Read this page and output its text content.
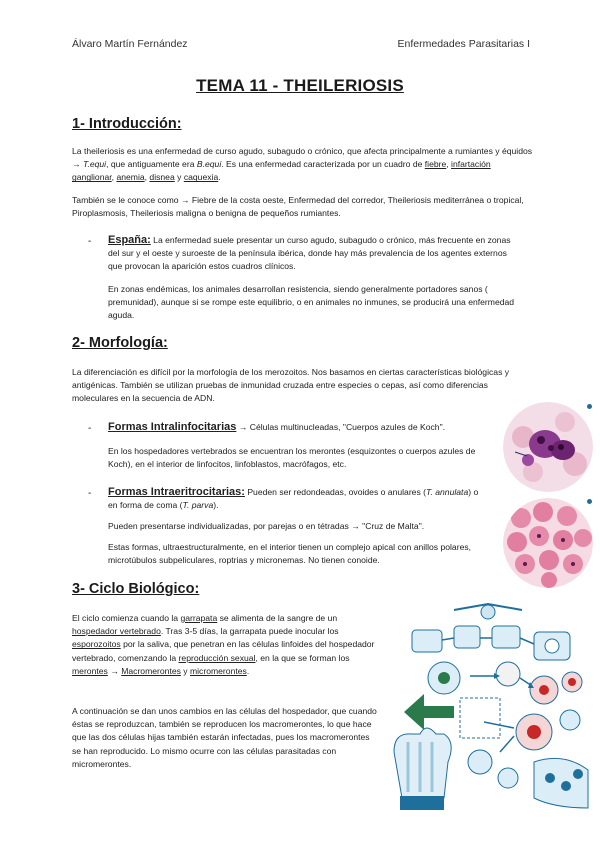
Álvaro Martín Fernández	Enfermedades Parasitarias I
TEMA 11 - THEILERIOSIS
1- Introducción:
La theileriosis es una enfermedad de curso agudo, subagudo o crónico, que afecta principalmente a rumiantes y équidos → T.equi, que antiguamente era B.equi. Es una enfermedad caracterizada por un cuadro de fiebre, infartación ganglionar, anemia, disnea y caquexia.
También se le conoce como → Fiebre de la costa oeste, Enfermedad del corredor, Theileriosis mediterránea o tropical, Piroplasmosis, Theileriosis maligna o benigna de pequeños rumiantes.
- España: La enfermedad suele presentar un curso agudo, subagudo o crónico, más frecuente en zonas del sur y el oeste y suroeste de la península ibérica, donde hay más prevalencia de los agentes externos que provocan la aparición estos cuadros clínicos.
En zonas endémicas, los animales desarrollan resistencia, siendo generalmente portadores sanos ( premunidad), aunque si se rompe este equilibrio, o en animales no inmunes, se producirá una enfermedad aguda.
2- Morfología:
La diferenciación es difícil por la morfología de los merozoitos. Nos basamos en ciertas características biológicas y antigénicas. También se utilizan pruebas de inmunidad cruzada entre especies o cepas, así como diferencias moleculares en la secuencia de ADN.
- Formas Intralinfocitarias → Células multinucleadas, "Cuerpos azules de Koch".
En los hospedadores vertebrados se encuentran los merontes (esquizontes o cuerpos azules de Koch), en el interior de linfocitos, linfoblastos, macrófagos, etc.
- Formas Intraeritrocitarias: Pueden ser redondeadas, ovoides o anulares (T. annulata) o en forma de coma (T. parva).
Pueden presentarse individualizadas, por parejas o en tétradas → "Cruz de Malta".
Estas formas, ultraestructuralmente, en el interior tienen un complejo apical con anillos polares, microtúbulos subpeliculares, roptrias y micronemas. No tienen conoide.
3- Ciclo Biológico:
El ciclo comienza cuando la garrapata se alimenta de la sangre de un hospedador vertebrado. Tras 3-5 días, la garrapata puede inocular los esporozoitos por la saliva, que penetran en las células linfoides del hospedador vertebrado, comenzando la reproducción sexual, en la que se forman los merontes → Macromerontes y micromerontes.
A continuación se dan unos cambios en las células del hospedador, que cuando éstas se reproduzcan, también se reproducen los macromerontes, lo que hace que las dos células hijas también estarán infectadas, pues los macromerontes se han reproducido. Lo mismo ocurre con las células parasitadas con micromerontes.
